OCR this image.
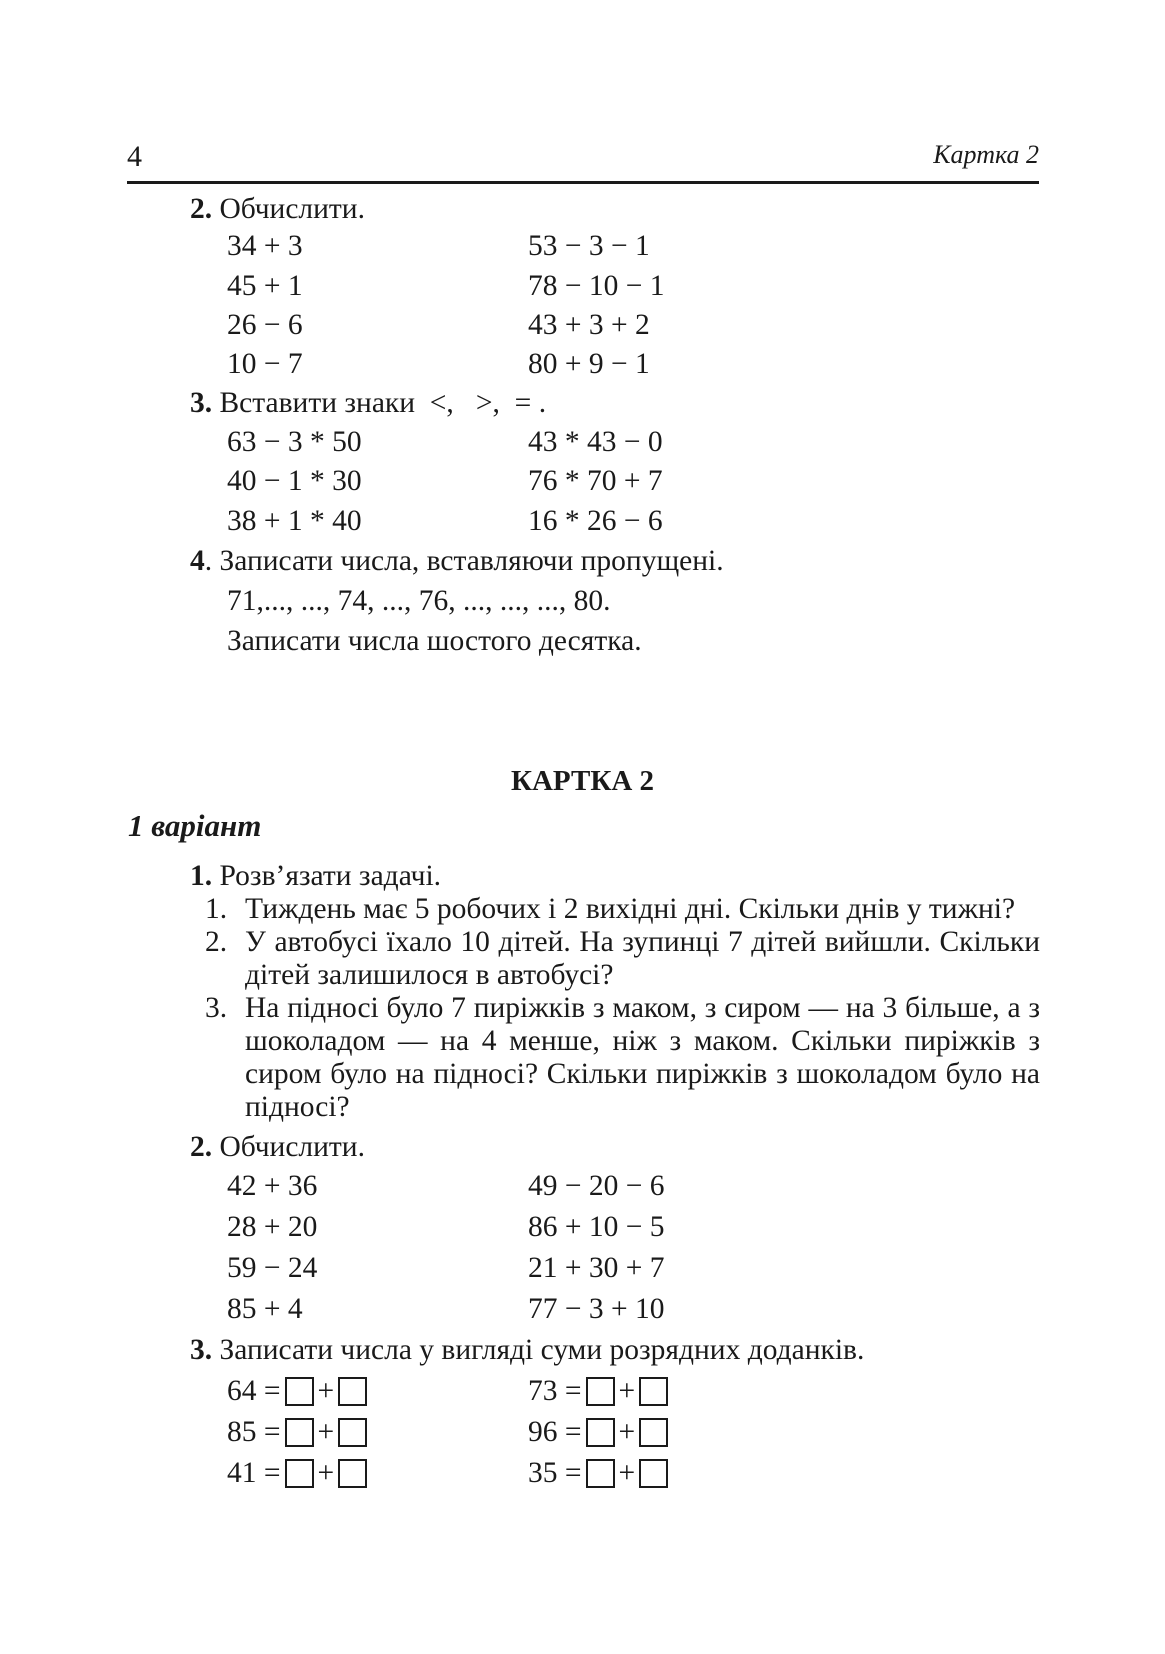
4	Картка 2
2. Обчислити.
34 + 3	53 − 3 − 1
45 + 1	78 − 10 − 1
26 − 6	43 + 3 + 2
10 − 7	80 + 9 − 1
3. Вставити знаки  <,   >,  = .
63 − 3 * 50	43 * 43 − 0
40 − 1 * 30	76 * 70 + 7
38 + 1 * 40	16 * 26 − 6
4. Записати числа, вставляючи пропущені.
71,..., ..., 74, ..., 76, ..., ..., ..., 80.
Записати числа шостого десятка.
КАРТКА 2
1 варіант
1. Розв’язати задачі.
1. Тиждень має 5 робочих і 2 вихідні дні. Скільки днів у тижні?
2. У автобусі їхало 10 дітей. На зупинці 7 дітей вийшли. Скільки дітей залишилося в автобусі?
3. На підносі було 7 пиріжків з маком, з сиром — на 3 більше, а з шоколадом — на 4 менше, ніж з маком. Скільки пиріжків з сиром було на підносі? Скільки пиріжків з шоколадом було на підносі?
2. Обчислити.
42 + 36	49 − 20 − 6
28 + 20	86 + 10 − 5
59 − 24	21 + 30 + 7
85 + 4	77 − 3 + 10
3. Записати числа у вигляді суми розрядних доданків.
64 = +	73 = +
85 = +	96 = +
41 = +	35 = +
